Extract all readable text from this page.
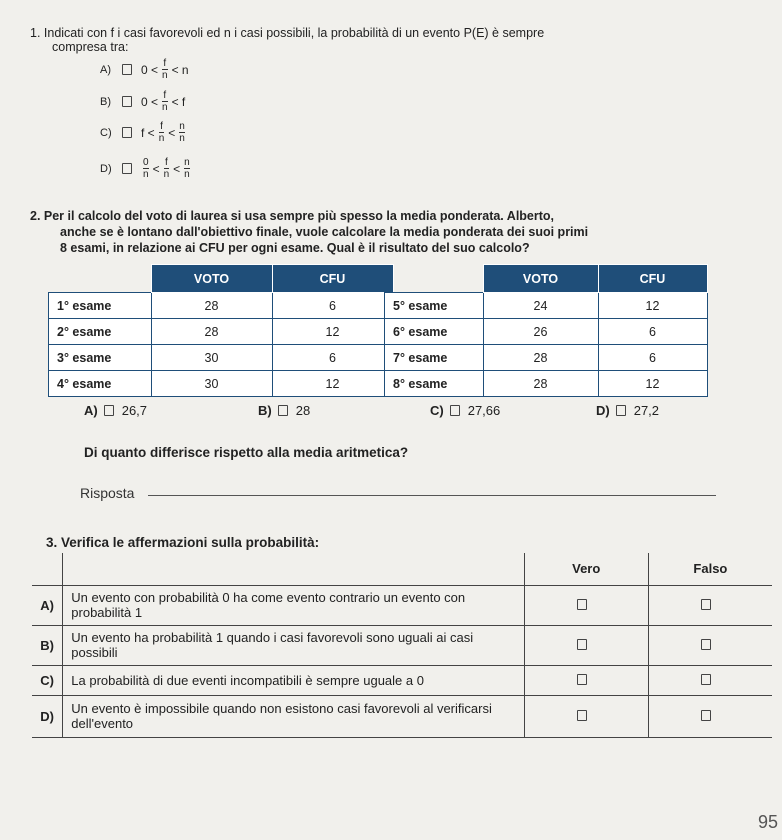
1. Indicati con f i casi favorevoli ed n i casi possibili, la probabilità di un evento P(E) è sempre
compresa tra:
A)	$0 < \frac{f}{n} < n$
B)	$0 < \frac{f}{n} < f$
C)	$f < \frac{f}{n} < \frac{n}{n}$
D)	$\frac{0}{n} < \frac{f}{n} < \frac{n}{n}$
2. Per il calcolo del voto di laurea si usa sempre più spesso la media ponderata. Alberto,
anche se è lontano dall'obiettivo finale, vuole calcolare la media ponderata dei suoi primi
8 esami, in relazione ai CFU per ogni esame. Qual è il risultato del suo calcolo?
	VOTO	CFU
1° esame	28	6
2° esame	28	12
3° esame	30	6
4° esame	30	12
	VOTO	CFU
5° esame	24	12
6° esame	26	6
7° esame	28	6
8° esame	28	12
A) 26,7	B) 28	C) 27,66	D) 27,2
Di quanto differisce rispetto alla media aritmetica?
Risposta
3. Verifica le affermazioni sulla probabilità:
		Vero	Falso
A)	Un evento con probabilità 0 ha come evento contrario un evento con probabilità 1		
B)	Un evento ha probabilità 1 quando i casi favorevoli sono uguali ai casi possibili		
C)	La probabilità di due eventi incompatibili è sempre uguale a 0		
D)	Un evento è impossibile quando non esistono casi favorevoli al verificarsi dell'evento		
95
